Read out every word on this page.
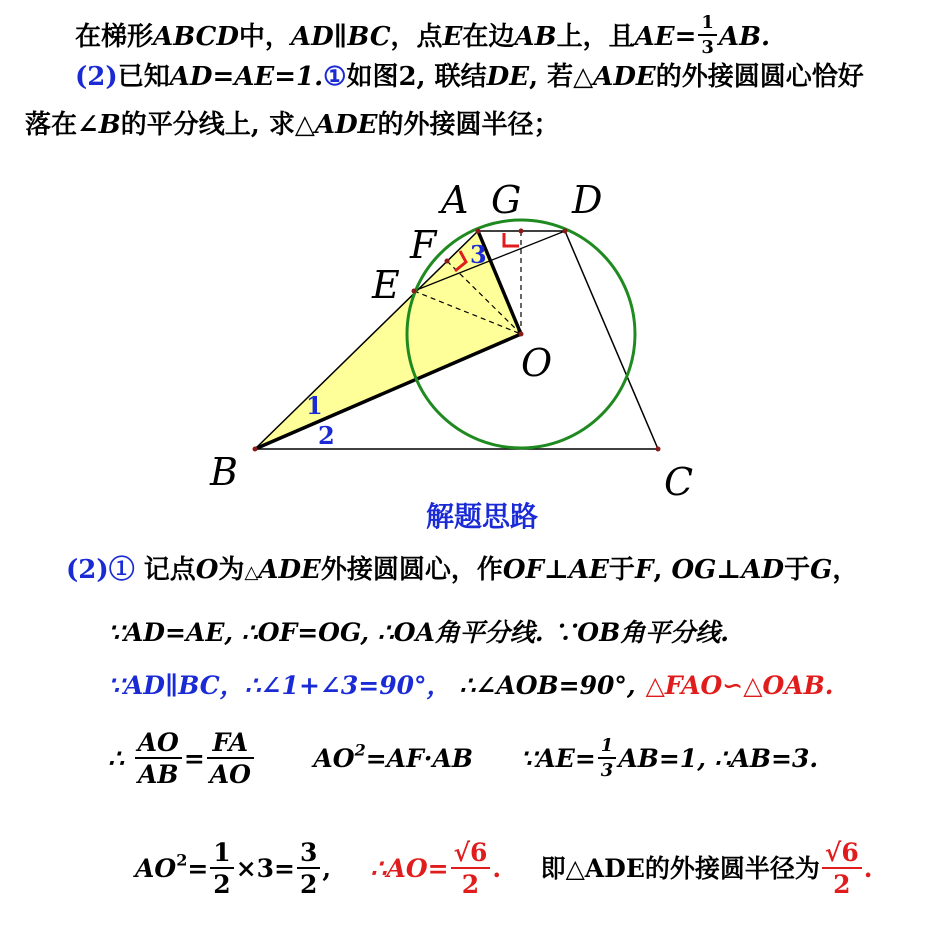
在梯形ABCD中，AD∥BC，点E在边AB上，且$AE= \frac{1}{3}$ AB.
(2)已知AD=AE=1.①如图2, 联结DE, 若△ADE的外接圆圆心恰好
落在∠B的平分线上, 求△ADE的外接圆半径；
A G D
F
E
O
B	C
1
2
3
解题思路
(2)① 记点O为△ADE外接圆圆心，作OF⊥AE于F, OG⊥AD于G，
∵AD=AE, ∴OF=OG, ∴OA角平分线. ∵OB角平分线.
∵AD∥BC，∴∠1+∠3=90°， ∴∠AOB=90°, △FAO∽△OAB.
∴ $\frac{AO}{AB} = \frac{FA}{AO} AO^2=AF\cdot AB$ ∵AE= $\frac{1}{3} AB=1$, ∴AB=3.
$AO^2= \frac{1}{2} \times 3= \frac{3}{2}$ , ∴AO= $\frac{√6}{2}$ . 即△ADE的外接圆半径为 $\frac{√6}{2}$ .
